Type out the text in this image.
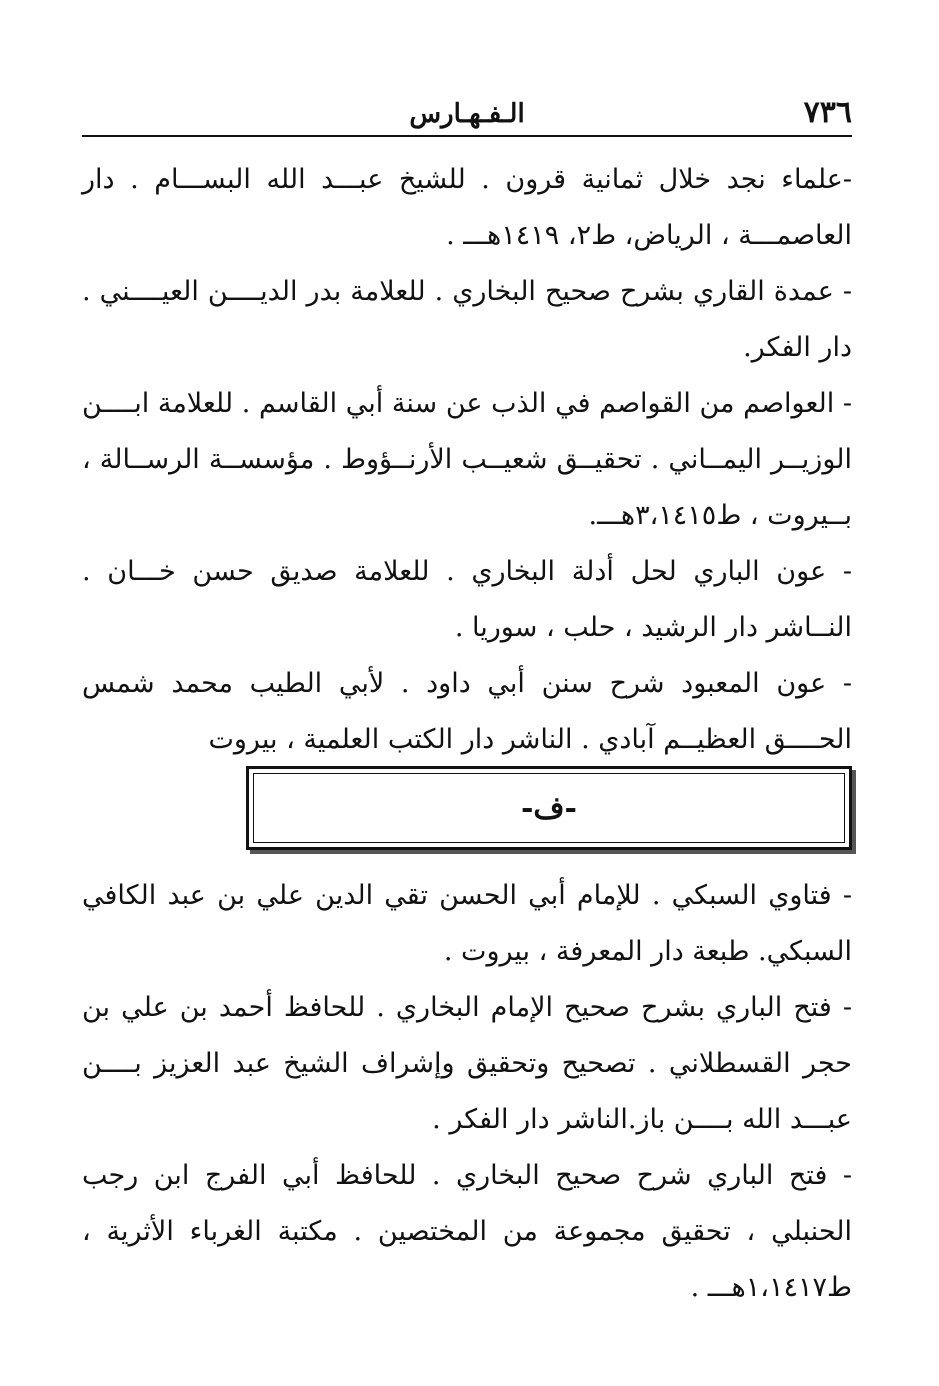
٧٣٦
الـفـهـارس

-علماء نجد خلال ثمانية قرون . للشيخ عبـــد الله البســـام . دار العاصمـــة ، الرياض، ط٢، ١٤١٩هـــ .

- عمدة القاري بشرح صحيح البخاري . للعلامة بدر الديــــن العيــــني . دار الفكر.

- العواصم من القواصم في الذب عن سنة أبي القاسم . للعلامة ابــــن الوزيــر اليمــاني . تحقيــق شعيــب الأرنــؤوط . مؤسســة الرســالة ، بــيروت ، ط٣،١٤١٥هـــ.

- عون الباري لحل أدلة البخاري . للعلامة صديق حسن خـــان . النــاشر دار الرشيد ، حلب ، سوريا .

- عون المعبود شرح سنن أبي داود . لأبي الطيب محمد شمس الحــــق العظيــم آبادي . الناشر دار الكتب العلمية ، بيروت

-ف-

- فتاوي السبكي . للإمام أبي الحسن تقي الدين علي بن عبد الكافي السبكي. طبعة دار المعرفة ، بيروت .

- فتح الباري بشرح صحيح الإمام البخاري . للحافظ أحمد بن علي بن حجر القسطلاني . تصحيح وتحقيق وإشراف الشيخ عبد العزيز بــــن عبـــد الله بــــن باز.الناشر دار الفكر .

- فتح الباري شرح صحيح البخاري . للحافظ أبي الفرج ابن رجب الحنبلي ، تحقيق مجموعة من المختصين . مكتبة الغرباء الأثرية ، ط١،١٤١٧هـــ .
